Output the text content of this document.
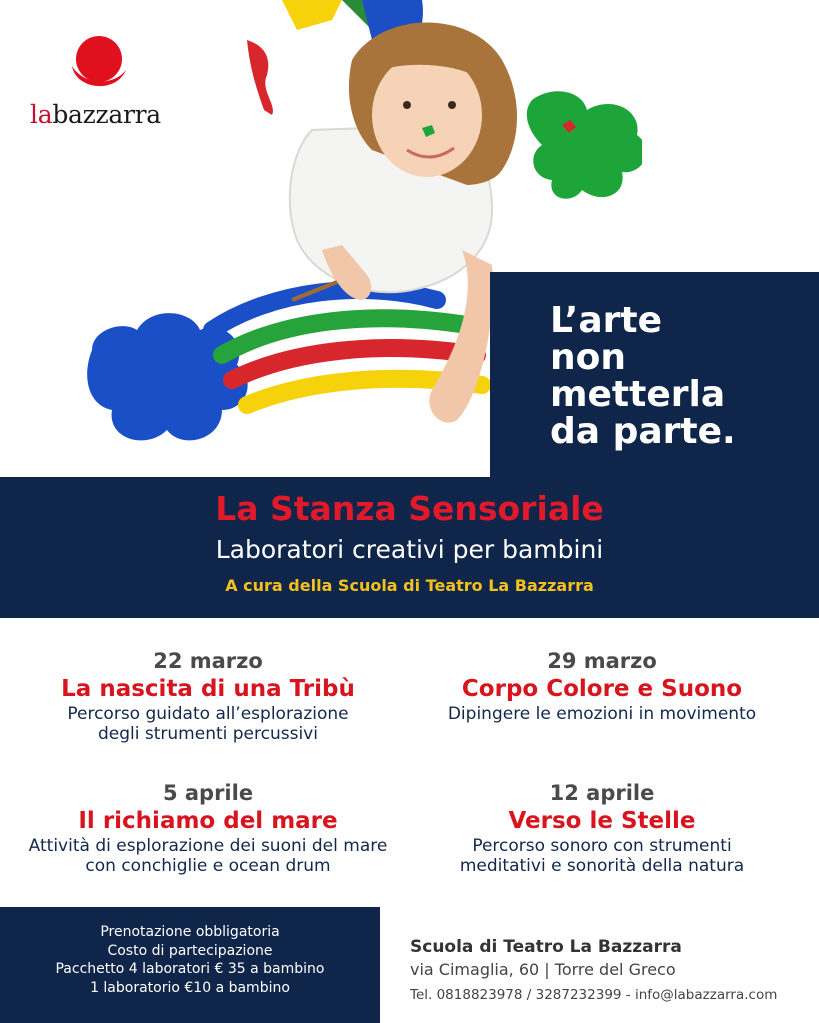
labazzarra

L’arte
non
metterla
da parte.

La Stanza Sensoriale
Laboratori creativi per bambini
A cura della Scuola di Teatro La Bazzarra
22 marzo
La nascita di una Tribù
Percorso guidato all’esplorazione
degli strumenti percussivi
29 marzo
Corpo Colore e Suono
Dipingere le emozioni in movimento
5 aprile
Il richiamo del mare
Attività di esplorazione dei suoni del mare
con conchiglie e ocean drum
12 aprile
Verso le Stelle
Percorso sonoro con strumenti
meditativi e sonorità della natura
Prenotazione obbligatoria
Costo di partecipazione
Pacchetto 4 laboratori € 35 a bambino
1 laboratorio €10 a bambino
Scuola di Teatro La Bazzarra
via Cimaglia, 60 | Torre del Greco
Tel. 0818823978 / 3287232399 - info@labazzarra.com
